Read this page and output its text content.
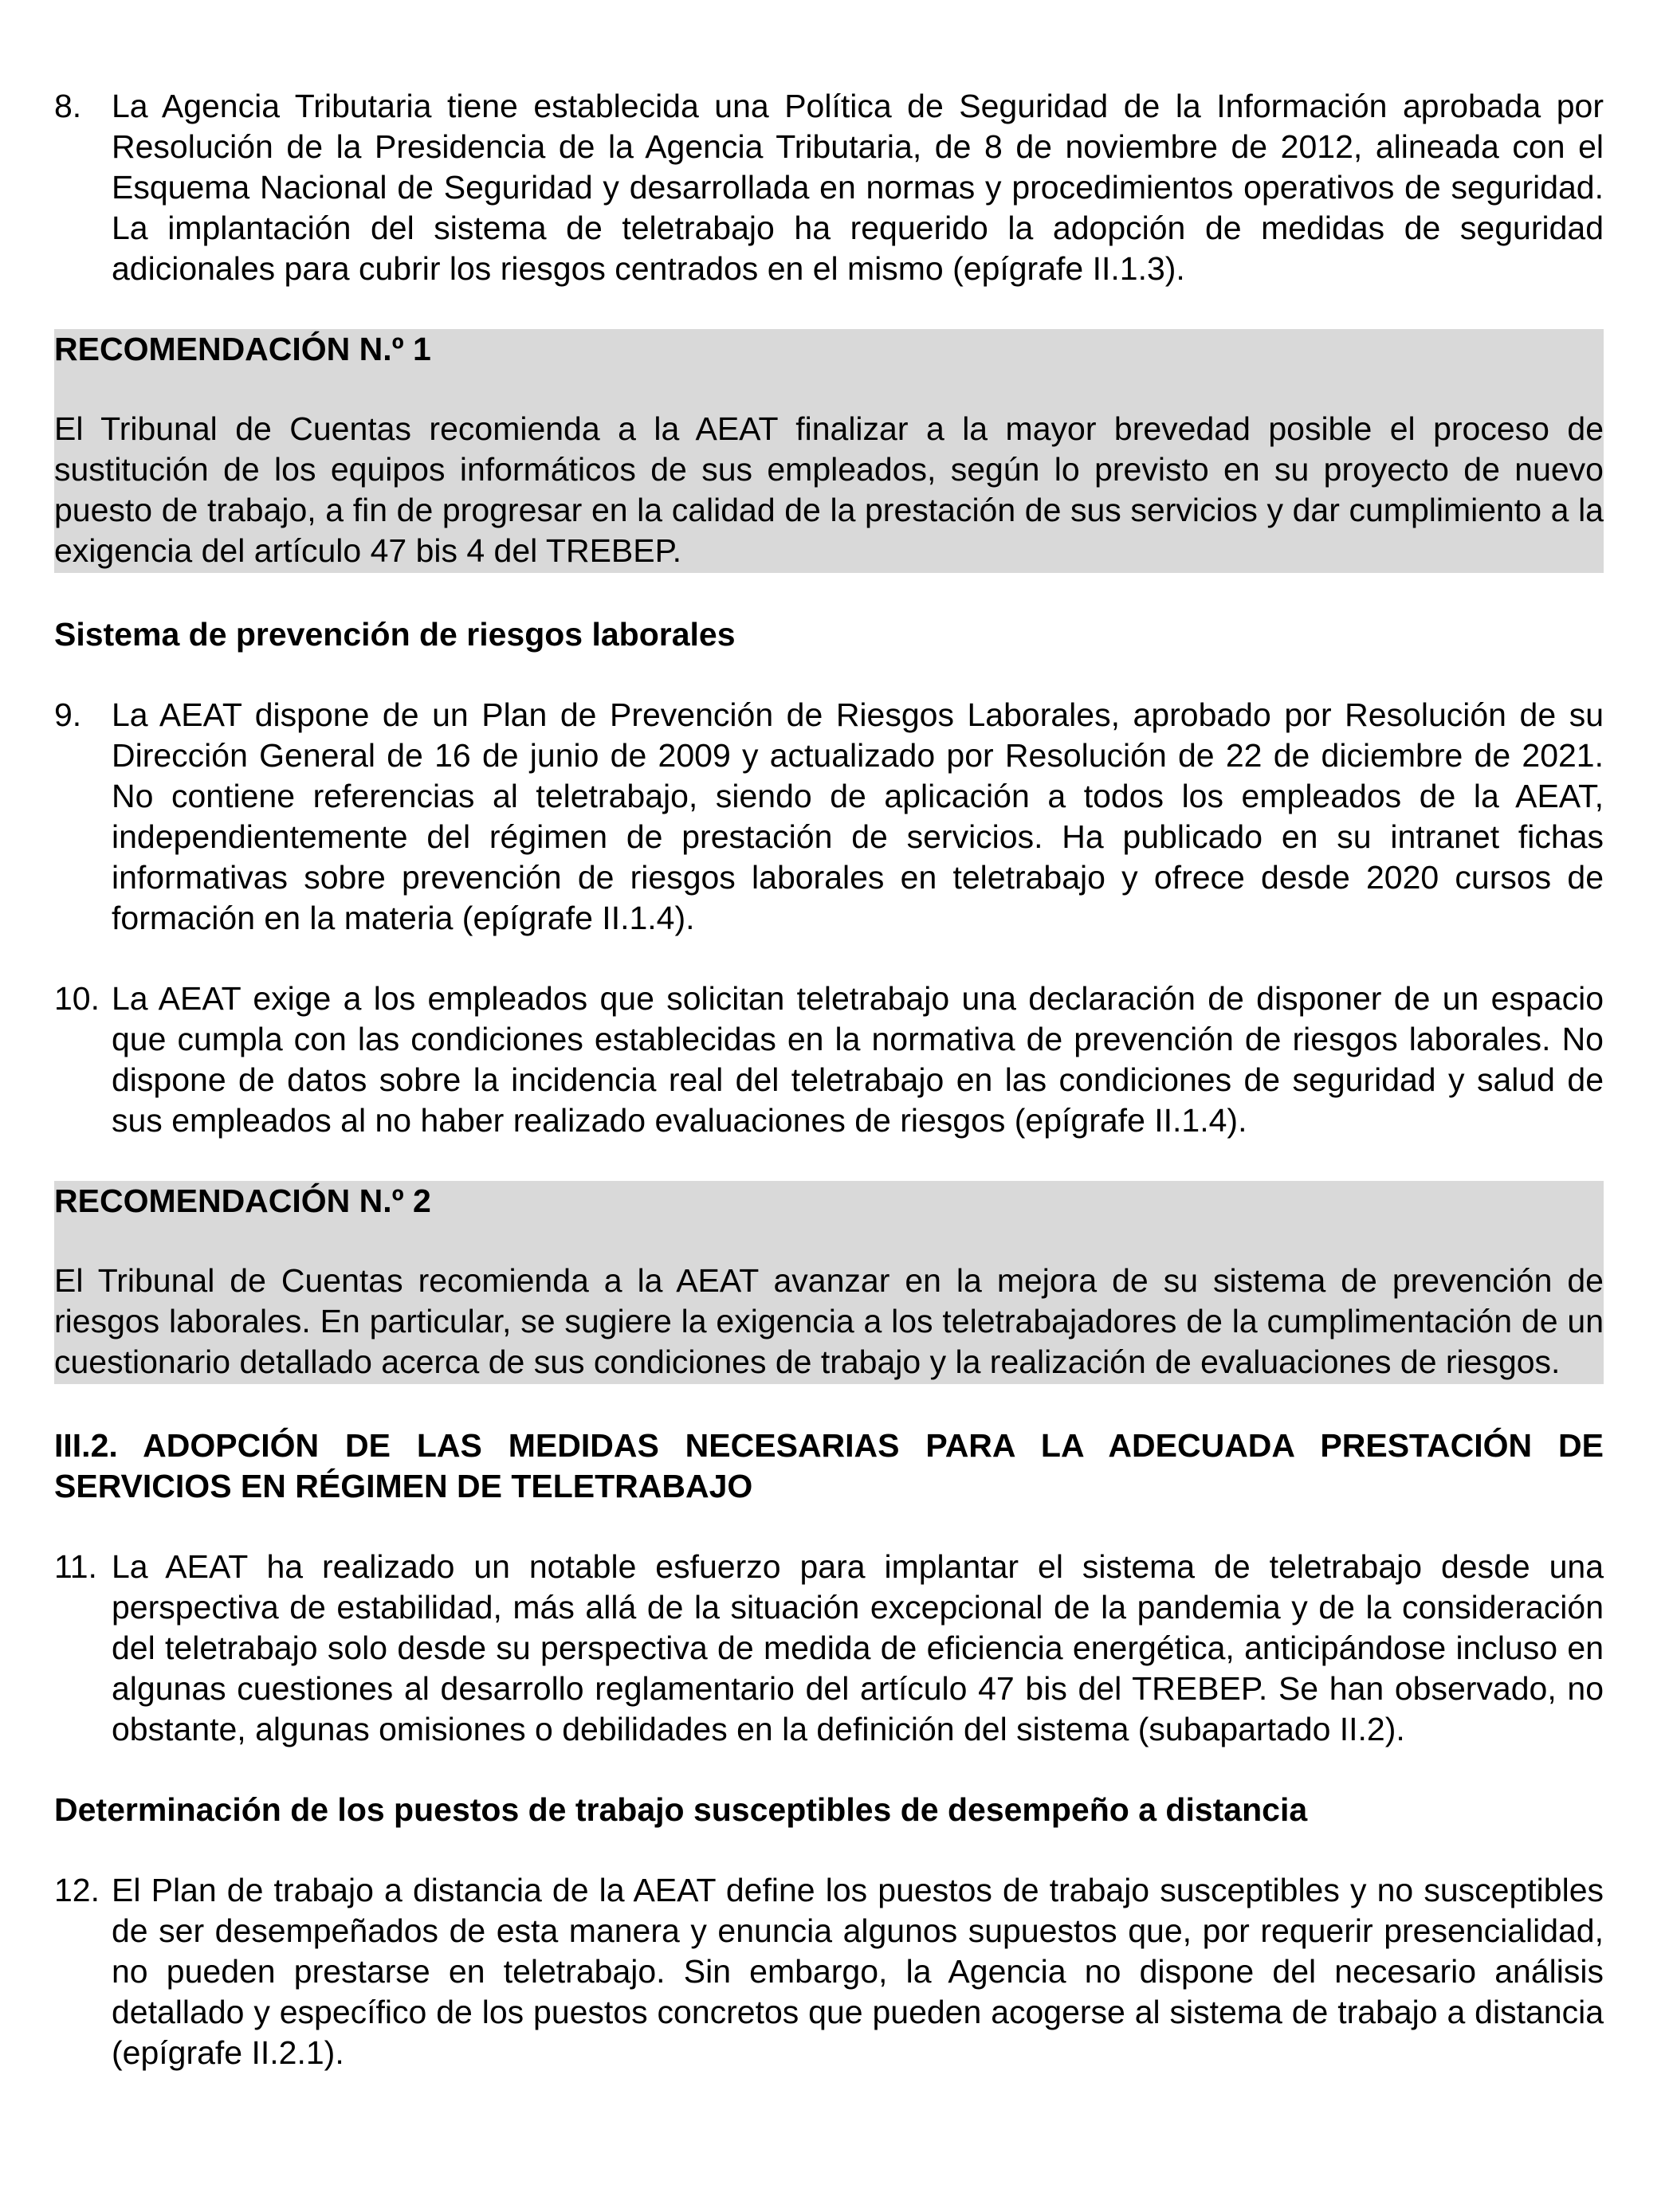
8. La Agencia Tributaria tiene establecida una Política de Seguridad de la Información aprobada por Resolución de la Presidencia de la Agencia Tributaria, de 8 de noviembre de 2012, alineada con el Esquema Nacional de Seguridad y desarrollada en normas y procedimientos operativos de seguridad. La implantación del sistema de teletrabajo ha requerido la adopción de medidas de seguridad adicionales para cubrir los riesgos centrados en el mismo (epígrafe II.1.3).

RECOMENDACIÓN N.º 1

El Tribunal de Cuentas recomienda a la AEAT finalizar a la mayor brevedad posible el proceso de sustitución de los equipos informáticos de sus empleados, según lo previsto en su proyecto de nuevo puesto de trabajo, a fin de progresar en la calidad de la prestación de sus servicios y dar cumplimiento a la exigencia del artículo 47 bis 4 del TREBEP.

Sistema de prevención de riesgos laborales

9. La AEAT dispone de un Plan de Prevención de Riesgos Laborales, aprobado por Resolución de su Dirección General de 16 de junio de 2009 y actualizado por Resolución de 22 de diciembre de 2021. No contiene referencias al teletrabajo, siendo de aplicación a todos los empleados de la AEAT, independientemente del régimen de prestación de servicios. Ha publicado en su intranet fichas informativas sobre prevención de riesgos laborales en teletrabajo y ofrece desde 2020 cursos de formación en la materia (epígrafe II.1.4).

10. La AEAT exige a los empleados que solicitan teletrabajo una declaración de disponer de un espacio que cumpla con las condiciones establecidas en la normativa de prevención de riesgos laborales. No dispone de datos sobre la incidencia real del teletrabajo en las condiciones de seguridad y salud de sus empleados al no haber realizado evaluaciones de riesgos (epígrafe II.1.4).

RECOMENDACIÓN N.º 2

El Tribunal de Cuentas recomienda a la AEAT avanzar en la mejora de su sistema de prevención de riesgos laborales. En particular, se sugiere la exigencia a los teletrabajadores de la cumplimentación de un cuestionario detallado acerca de sus condiciones de trabajo y la realización de evaluaciones de riesgos.

III.2. ADOPCIÓN DE LAS MEDIDAS NECESARIAS PARA LA ADECUADA PRESTACIÓN DE SERVICIOS EN RÉGIMEN DE TELETRABAJO

11. La AEAT ha realizado un notable esfuerzo para implantar el sistema de teletrabajo desde una perspectiva de estabilidad, más allá de la situación excepcional de la pandemia y de la consideración del teletrabajo solo desde su perspectiva de medida de eficiencia energética, anticipándose incluso en algunas cuestiones al desarrollo reglamentario del artículo 47 bis del TREBEP. Se han observado, no obstante, algunas omisiones o debilidades en la definición del sistema (subapartado II.2).

Determinación de los puestos de trabajo susceptibles de desempeño a distancia

12. El Plan de trabajo a distancia de la AEAT define los puestos de trabajo susceptibles y no susceptibles de ser desempeñados de esta manera y enuncia algunos supuestos que, por requerir presencialidad, no pueden prestarse en teletrabajo. Sin embargo, la Agencia no dispone del necesario análisis detallado y específico de los puestos concretos que pueden acogerse al sistema de trabajo a distancia (epígrafe II.2.1).
